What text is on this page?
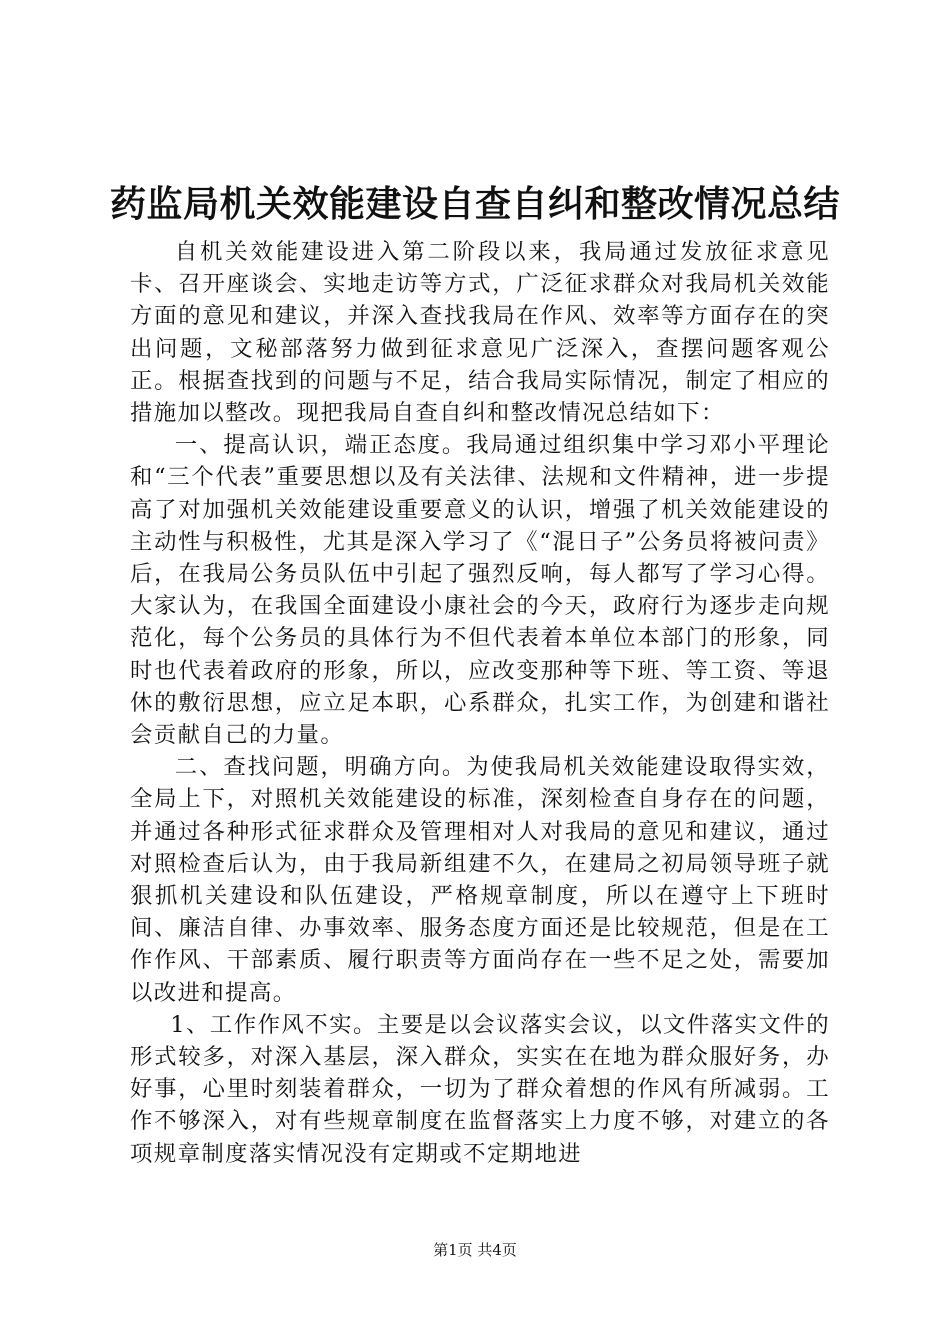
药监局机关效能建设自查自纠和整改情况总结

自机关效能建设进入第二阶段以来，我局通过发放征求意见卡、召开座谈会、实地走访等方式，广泛征求群众对我局机关效能方面的意见和建议，并深入查找我局在作风、效率等方面存在的突出问题，文秘部落努力做到征求意见广泛深入，查摆问题客观公正。根据查找到的问题与不足，结合我局实际情况，制定了相应的措施加以整改。现把我局自查自纠和整改情况总结如下：

一、提高认识，端正态度。我局通过组织集中学习邓小平理论和“三个代表”重要思想以及有关法律、法规和文件精神，进一步提高了对加强机关效能建设重要意义的认识，增强了机关效能建设的主动性与积极性，尤其是深入学习了《“混日子”公务员将被问责》后，在我局公务员队伍中引起了强烈反响，每人都写了学习心得。大家认为，在我国全面建设小康社会的今天，政府行为逐步走向规范化，每个公务员的具体行为不但代表着本单位本部门的形象，同时也代表着政府的形象，所以，应改变那种等下班、等工资、等退休的敷衍思想，应立足本职，心系群众，扎实工作，为创建和谐社会贡献自己的力量。

二、查找问题，明确方向。为使我局机关效能建设取得实效，全局上下，对照机关效能建设的标准，深刻检查自身存在的问题，并通过各种形式征求群众及管理相对人对我局的意见和建议，通过对照检查后认为，由于我局新组建不久，在建局之初局领导班子就狠抓机关建设和队伍建设，严格规章制度，所以在遵守上下班时间、廉洁自律、办事效率、服务态度方面还是比较规范，但是在工作作风、干部素质、履行职责等方面尚存在一些不足之处，需要加以改进和提高。

1、工作作风不实。主要是以会议落实会议，以文件落实文件的形式较多，对深入基层，深入群众，实实在在地为群众服好务，办好事，心里时刻装着群众，一切为了群众着想的作风有所减弱。工作不够深入，对有些规章制度在监督落实上力度不够，对建立的各项规章制度落实情况没有定期或不定期地进

第1页 共4页
